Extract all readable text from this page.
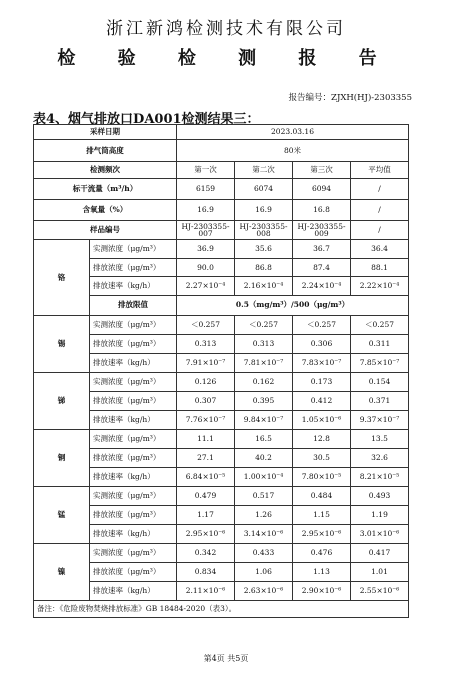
浙江新鸿检测技术有限公司
检 验 检 测 报 告
报告编号：ZJXH(HJ)-2303355
表4、烟气排放口DA001检测结果三：
采样日期		2023.03.16			
排气筒高度		80米			
检测频次		第一次	第二次	第三次	平均值
标干流量（m³/h）		6159	6074	6094	/
含氧量（%）		16.9	16.9	16.8	/
样品编号		HJ-2303355-007	HJ-2303355-008	HJ-2303355-009	/
铬	实测浓度（μg/m³）	36.9	35.6	36.7	36.4
	排放浓度（μg/m³）	90.0	86.8	87.4	88.1
	排放速率（kg/h）	2.27×10⁻⁴	2.16×10⁻⁴	2.24×10⁻⁴	2.22×10⁻⁴
	排放限值	0.5（mg/m³）/500（μg/m³）			
锡	实测浓度（μg/m³）	＜0.257	＜0.257	＜0.257	＜0.257
	排放浓度（μg/m³）	0.313	0.313	0.306	0.311
	排放速率（kg/h）	7.91×10⁻⁷	7.81×10⁻⁷	7.83×10⁻⁷	7.85×10⁻⁷
锑	实测浓度（μg/m³）	0.126	0.162	0.173	0.154
	排放浓度（μg/m³）	0.307	0.395	0.412	0.371
	排放速率（kg/h）	7.76×10⁻⁷	9.84×10⁻⁷	1.05×10⁻⁶	9.37×10⁻⁷
铜	实测浓度（μg/m³）	11.1	16.5	12.8	13.5
	排放浓度（μg/m³）	27.1	40.2	30.5	32.6
	排放速率（kg/h）	6.84×10⁻⁵	1.00×10⁻⁴	7.80×10⁻⁵	8.21×10⁻⁵
锰	实测浓度（μg/m³）	0.479	0.517	0.484	0.493
	排放浓度（μg/m³）	1.17	1.26	1.15	1.19
	排放速率（kg/h）	2.95×10⁻⁶	3.14×10⁻⁶	2.95×10⁻⁶	3.01×10⁻⁶
镍	实测浓度（μg/m³）	0.342	0.433	0.476	0.417
	排放浓度（μg/m³）	0.834	1.06	1.13	1.01
	排放速率（kg/h）	2.11×10⁻⁶	2.63×10⁻⁶	2.90×10⁻⁶	2.55×10⁻⁶
备注：《危险废物焚烧排放标准》GB 18484-2020（表3）。					
第4页 共5页
